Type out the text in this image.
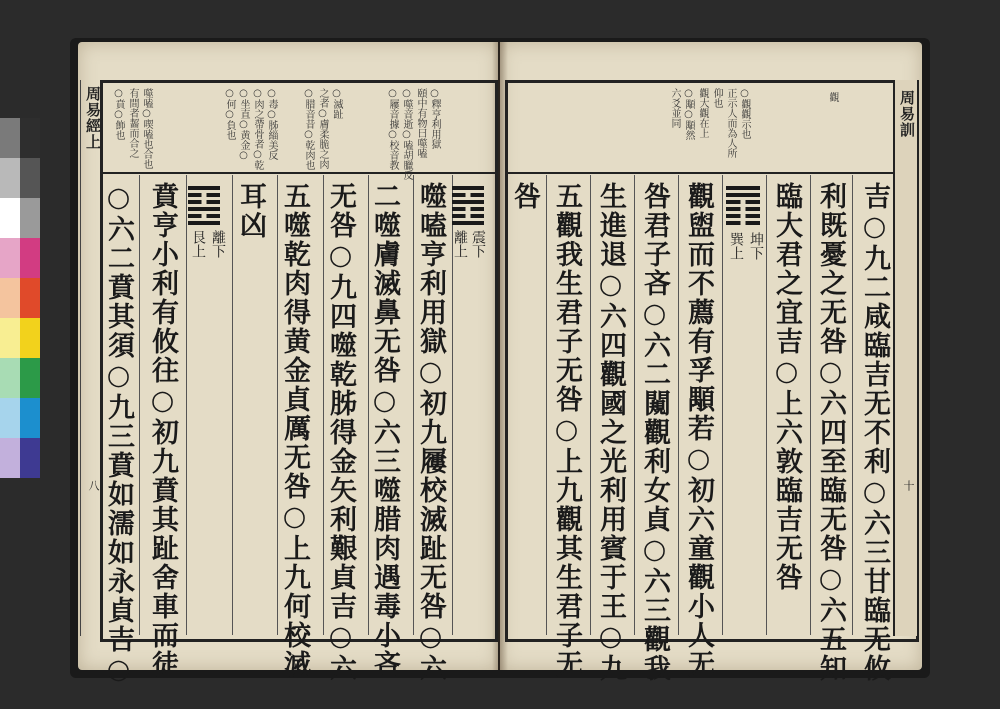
周易經上
八
噬嗑○喫嗑也合也
有間者齧而合之	○毒○胏緇美反
○肉之帶骨者○乾
○坐直○黄金○
○何○負也	○滅趾
之者○膚柔脆之肉
○腊音昔○乾肉也	○釋亨利用獄
頤中有物曰噬嗑
○噬音逝○嗑胡臘反
○屨音據○校音教
○賁○飾也
噬嗑亨利用獄○初九屨校滅趾无咎○六
二噬膚滅鼻无咎○六三噬腊肉遇毒小吝
无咎○九四噬乾胏得金矢利艱貞吉○六
五噬乾肉得黄金貞厲无咎○上九何校滅
耳凶
賁亨小利有攸往○初九賁其趾舍車而徒
○六二賁其須○九三賁如濡如永貞吉○	震下
離上
離下
艮上
周易訓
十
觀
○觀觀示也
正示人而為人所
仰也
觀大觀在上
○顒○顒然
六爻並同
吉○九二咸臨吉无不利○六三甘臨无攸
利既憂之无咎○六四至臨无咎○六五知
臨大君之宜吉○上六敦臨吉无咎
觀盥而不薦有孚顒若○初六童觀小人无
咎君子吝○六二闚觀利女貞○六三觀我
生進退○六四觀國之光利用賓于王○九
五觀我生君子无咎○上九觀其生君子无
咎
坤下
巽上
